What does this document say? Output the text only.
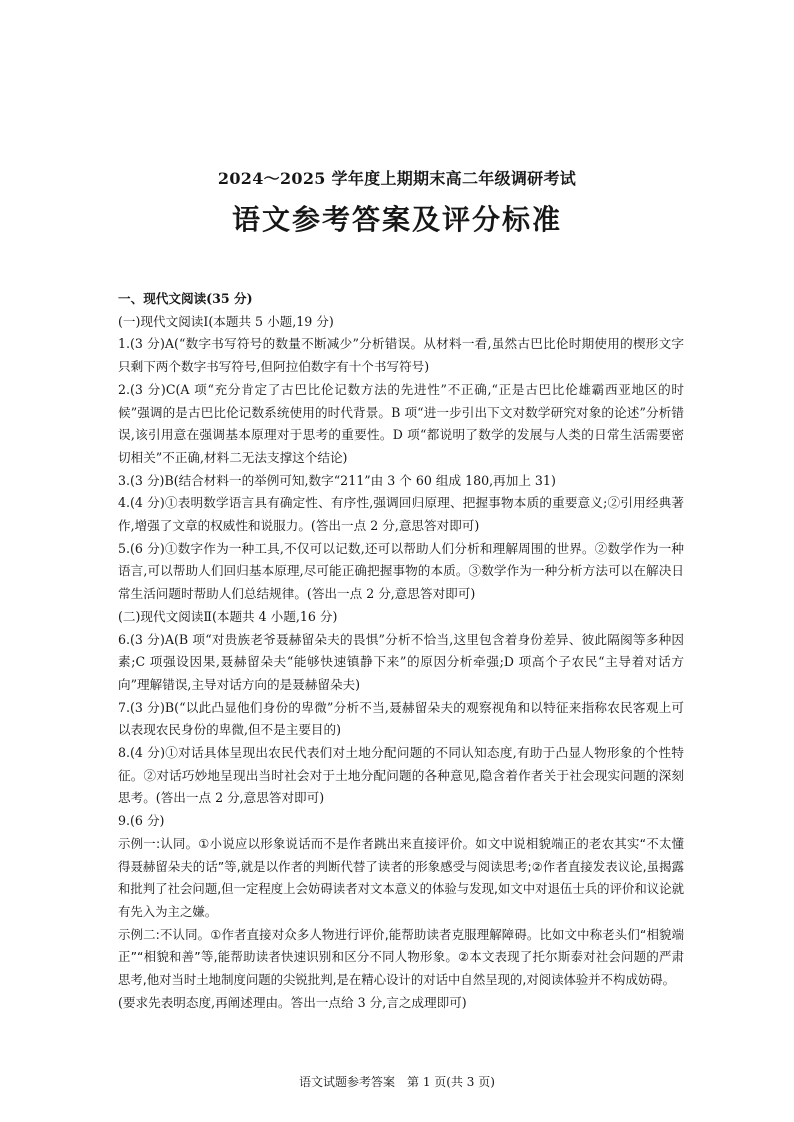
2024～2025 学年度上期期末高二年级调研考试
语文参考答案及评分标准

一、现代文阅读(35 分)

(一)现代文阅读Ⅰ(本题共 5 小题,19 分)

1.(3 分)A(“数字书写符号的数量不断减少”分析错误。从材料一看,虽然古巴比伦时期使用的楔形文字只剩下两个数字书写符号,但阿拉伯数字有十个书写符号)

2.(3 分)C(A 项“充分肯定了古巴比伦记数方法的先进性”不正确,“正是古巴比伦雄霸西亚地区的时候”强调的是古巴比伦记数系统使用的时代背景。B 项“进一步引出下文对数学研究对象的论述”分析错误,该引用意在强调基本原理对于思考的重要性。D 项“都说明了数学的发展与人类的日常生活需要密切相关”不正确,材料二无法支撑这个结论)

3.(3 分)B(结合材料一的举例可知,数字“211”由 3 个 60 组成 180,再加上 31)

4.(4 分)①表明数学语言具有确定性、有序性,强调回归原理、把握事物本质的重要意义;②引用经典著作,增强了文章的权威性和说服力。(答出一点 2 分,意思答对即可)

5.(6 分)①数字作为一种工具,不仅可以记数,还可以帮助人们分析和理解周围的世界。②数学作为一种语言,可以帮助人们回归基本原理,尽可能正确把握事物的本质。③数学作为一种分析方法可以在解决日常生活问题时帮助人们总结规律。(答出一点 2 分,意思答对即可)

(二)现代文阅读Ⅱ(本题共 4 小题,16 分)

6.(3 分)A(B 项“对贵族老爷聂赫留朵夫的畏惧”分析不恰当,这里包含着身份差异、彼此隔阂等多种因素;C 项强设因果,聂赫留朵夫“能够快速镇静下来”的原因分析牵强;D 项高个子农民“主导着对话方向”理解错误,主导对话方向的是聂赫留朵夫)

7.(3 分)B(“以此凸显他们身份的卑微”分析不当,聂赫留朵夫的观察视角和以特征来指称农民客观上可以表现农民身份的卑微,但不是主要目的)

8.(4 分)①对话具体呈现出农民代表们对土地分配问题的不同认知态度,有助于凸显人物形象的个性特征。②对话巧妙地呈现出当时社会对于土地分配问题的各种意见,隐含着作者关于社会现实问题的深刻思考。(答出一点 2 分,意思答对即可)

9.(6 分)

示例一:认同。①小说应以形象说话而不是作者跳出来直接评价。如文中说相貌端正的老农其实“不太懂得聂赫留朵夫的话”等,就是以作者的判断代替了读者的形象感受与阅读思考;②作者直接发表议论,虽揭露和批判了社会问题,但一定程度上会妨碍读者对文本意义的体验与发现,如文中对退伍士兵的评价和议论就有先入为主之嫌。

示例二:不认同。①作者直接对众多人物进行评价,能帮助读者克服理解障碍。比如文中称老头们“相貌端正”“相貌和善”等,能帮助读者快速识别和区分不同人物形象。②本文表现了托尔斯泰对社会问题的严肃思考,他对当时土地制度问题的尖锐批判,是在精心设计的对话中自然呈现的,对阅读体验并不构成妨碍。

(要求先表明态度,再阐述理由。答出一点给 3 分,言之成理即可)

语文试题参考答案　第 1 页(共 3 页)
